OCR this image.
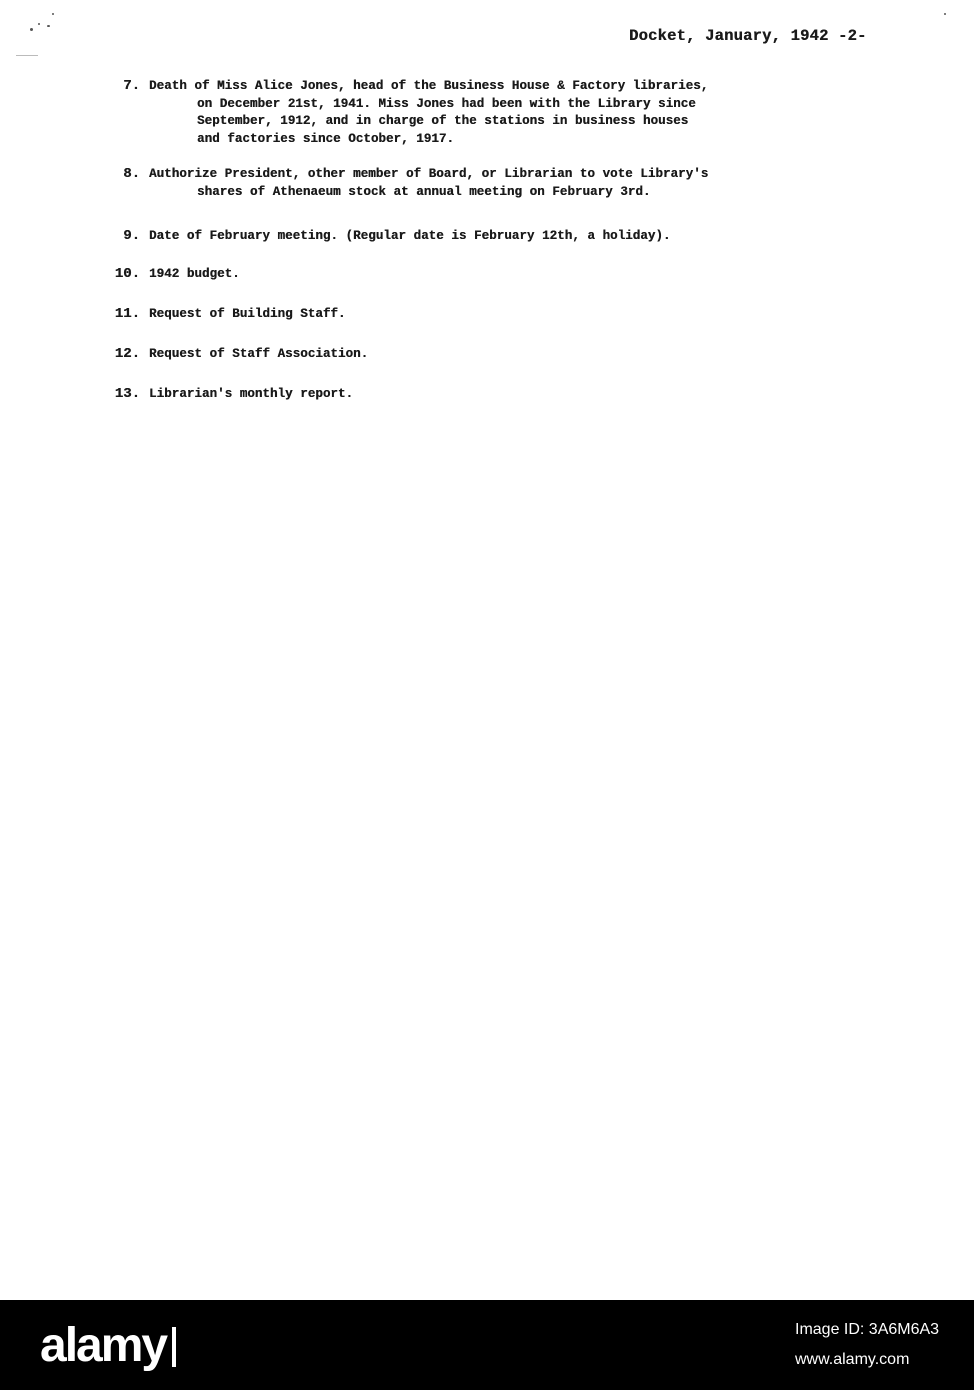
Docket, January, 1942 -2-
7. Death of Miss Alice Jones, head of the Business House & Factory libraries,
on December 21st, 1941. Miss Jones had been with the Library since
September, 1912, and in charge of the stations in business houses
and factories since October, 1917.
8. Authorize President, other member of Board, or Librarian to vote Library's
shares of Athenaeum stock at annual meeting on February 3rd.
9. Date of February meeting. (Regular date is February 12th, a holiday).
10. 1942 budget.
11. Request of Building Staff.
12. Request of Staff Association.
13. Librarian's monthly report.
alamy	Image ID: 3A6M6A3
www.alamy.com
